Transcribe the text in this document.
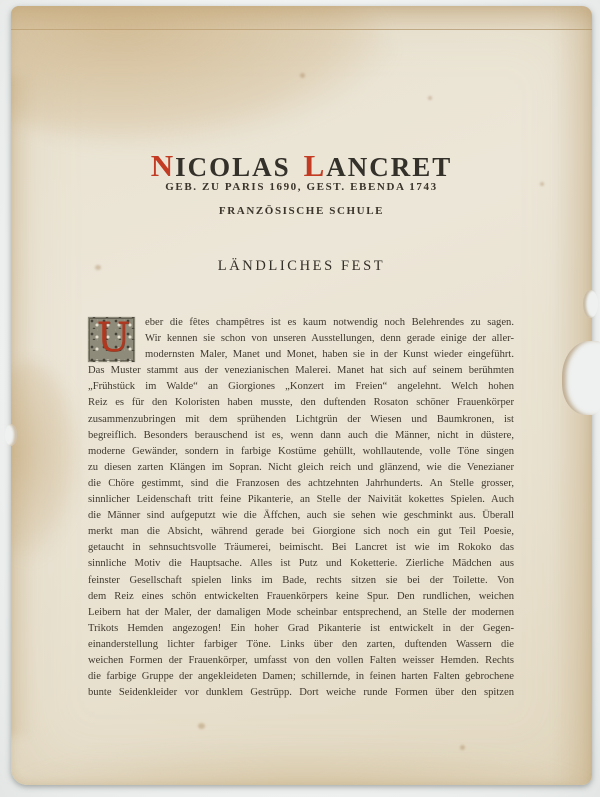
NICOLAS LANCRET
GEB. ZU PARIS 1690, GEST. EBENDA 1743
FRANZÖSISCHE SCHULE
LÄNDLICHES FEST
U	eber die fêtes champêtres ist es kaum notwendig noch Belehrendes zu sagen.
Wir kennen sie schon von unseren Ausstellungen, denn gerade einige der aller-
modernsten Maler, Manet und Monet, haben sie in der Kunst wieder eingeführt.
Das Muster stammt aus der venezianischen Malerei. Manet hat sich auf seinem berühmten
„Frühstück im Walde“ an Giorgiones „Konzert im Freien“ angelehnt. Welch hohen
Reiz es für den Koloristen haben musste, den duftenden Rosaton schöner Frauenkörper
zusammenzubringen mit dem sprühenden Lichtgrün der Wiesen und Baumkronen, ist
begreiflich. Besonders berauschend ist es, wenn dann auch die Männer, nicht in düstere,
moderne Gewänder, sondern in farbige Kostüme gehüllt, wohllautende, volle Töne singen
zu diesen zarten Klängen im Sopran. Nicht gleich reich und glänzend, wie die Venezianer
die Chöre gestimmt, sind die Franzosen des achtzehnten Jahrhunderts. An Stelle grosser,
sinnlicher Leidenschaft tritt feine Pikanterie, an Stelle der Naivität kokettes Spielen. Auch
die Männer sind aufgeputzt wie die Äffchen, auch sie sehen wie geschminkt aus. Überall
merkt man die Absicht, während gerade bei Giorgione sich noch ein gut Teil Poesie,
getaucht in sehnsuchtsvolle Träumerei, beimischt. Bei Lancret ist wie im Rokoko das
sinnliche Motiv die Hauptsache. Alles ist Putz und Koketterie. Zierliche Mädchen aus
feinster Gesellschaft spielen links im Bade, rechts sitzen sie bei der Toilette. Von
dem Reiz eines schön entwickelten Frauenkörpers keine Spur. Den rundlichen, weichen
Leibern hat der Maler, der damaligen Mode scheinbar entsprechend, an Stelle der modernen
Trikots Hemden angezogen! Ein hoher Grad Pikanterie ist entwickelt in der Gegen-
einanderstellung lichter farbiger Töne. Links über den zarten, duftenden Wassern die
weichen Formen der Frauenkörper, umfasst von den vollen Falten weisser Hemden. Rechts
die farbige Gruppe der angekleideten Damen; schillernde, in feinen harten Falten gebrochene
bunte Seidenkleider vor dunklem Gestrüpp. Dort weiche runde Formen über den spitzen
